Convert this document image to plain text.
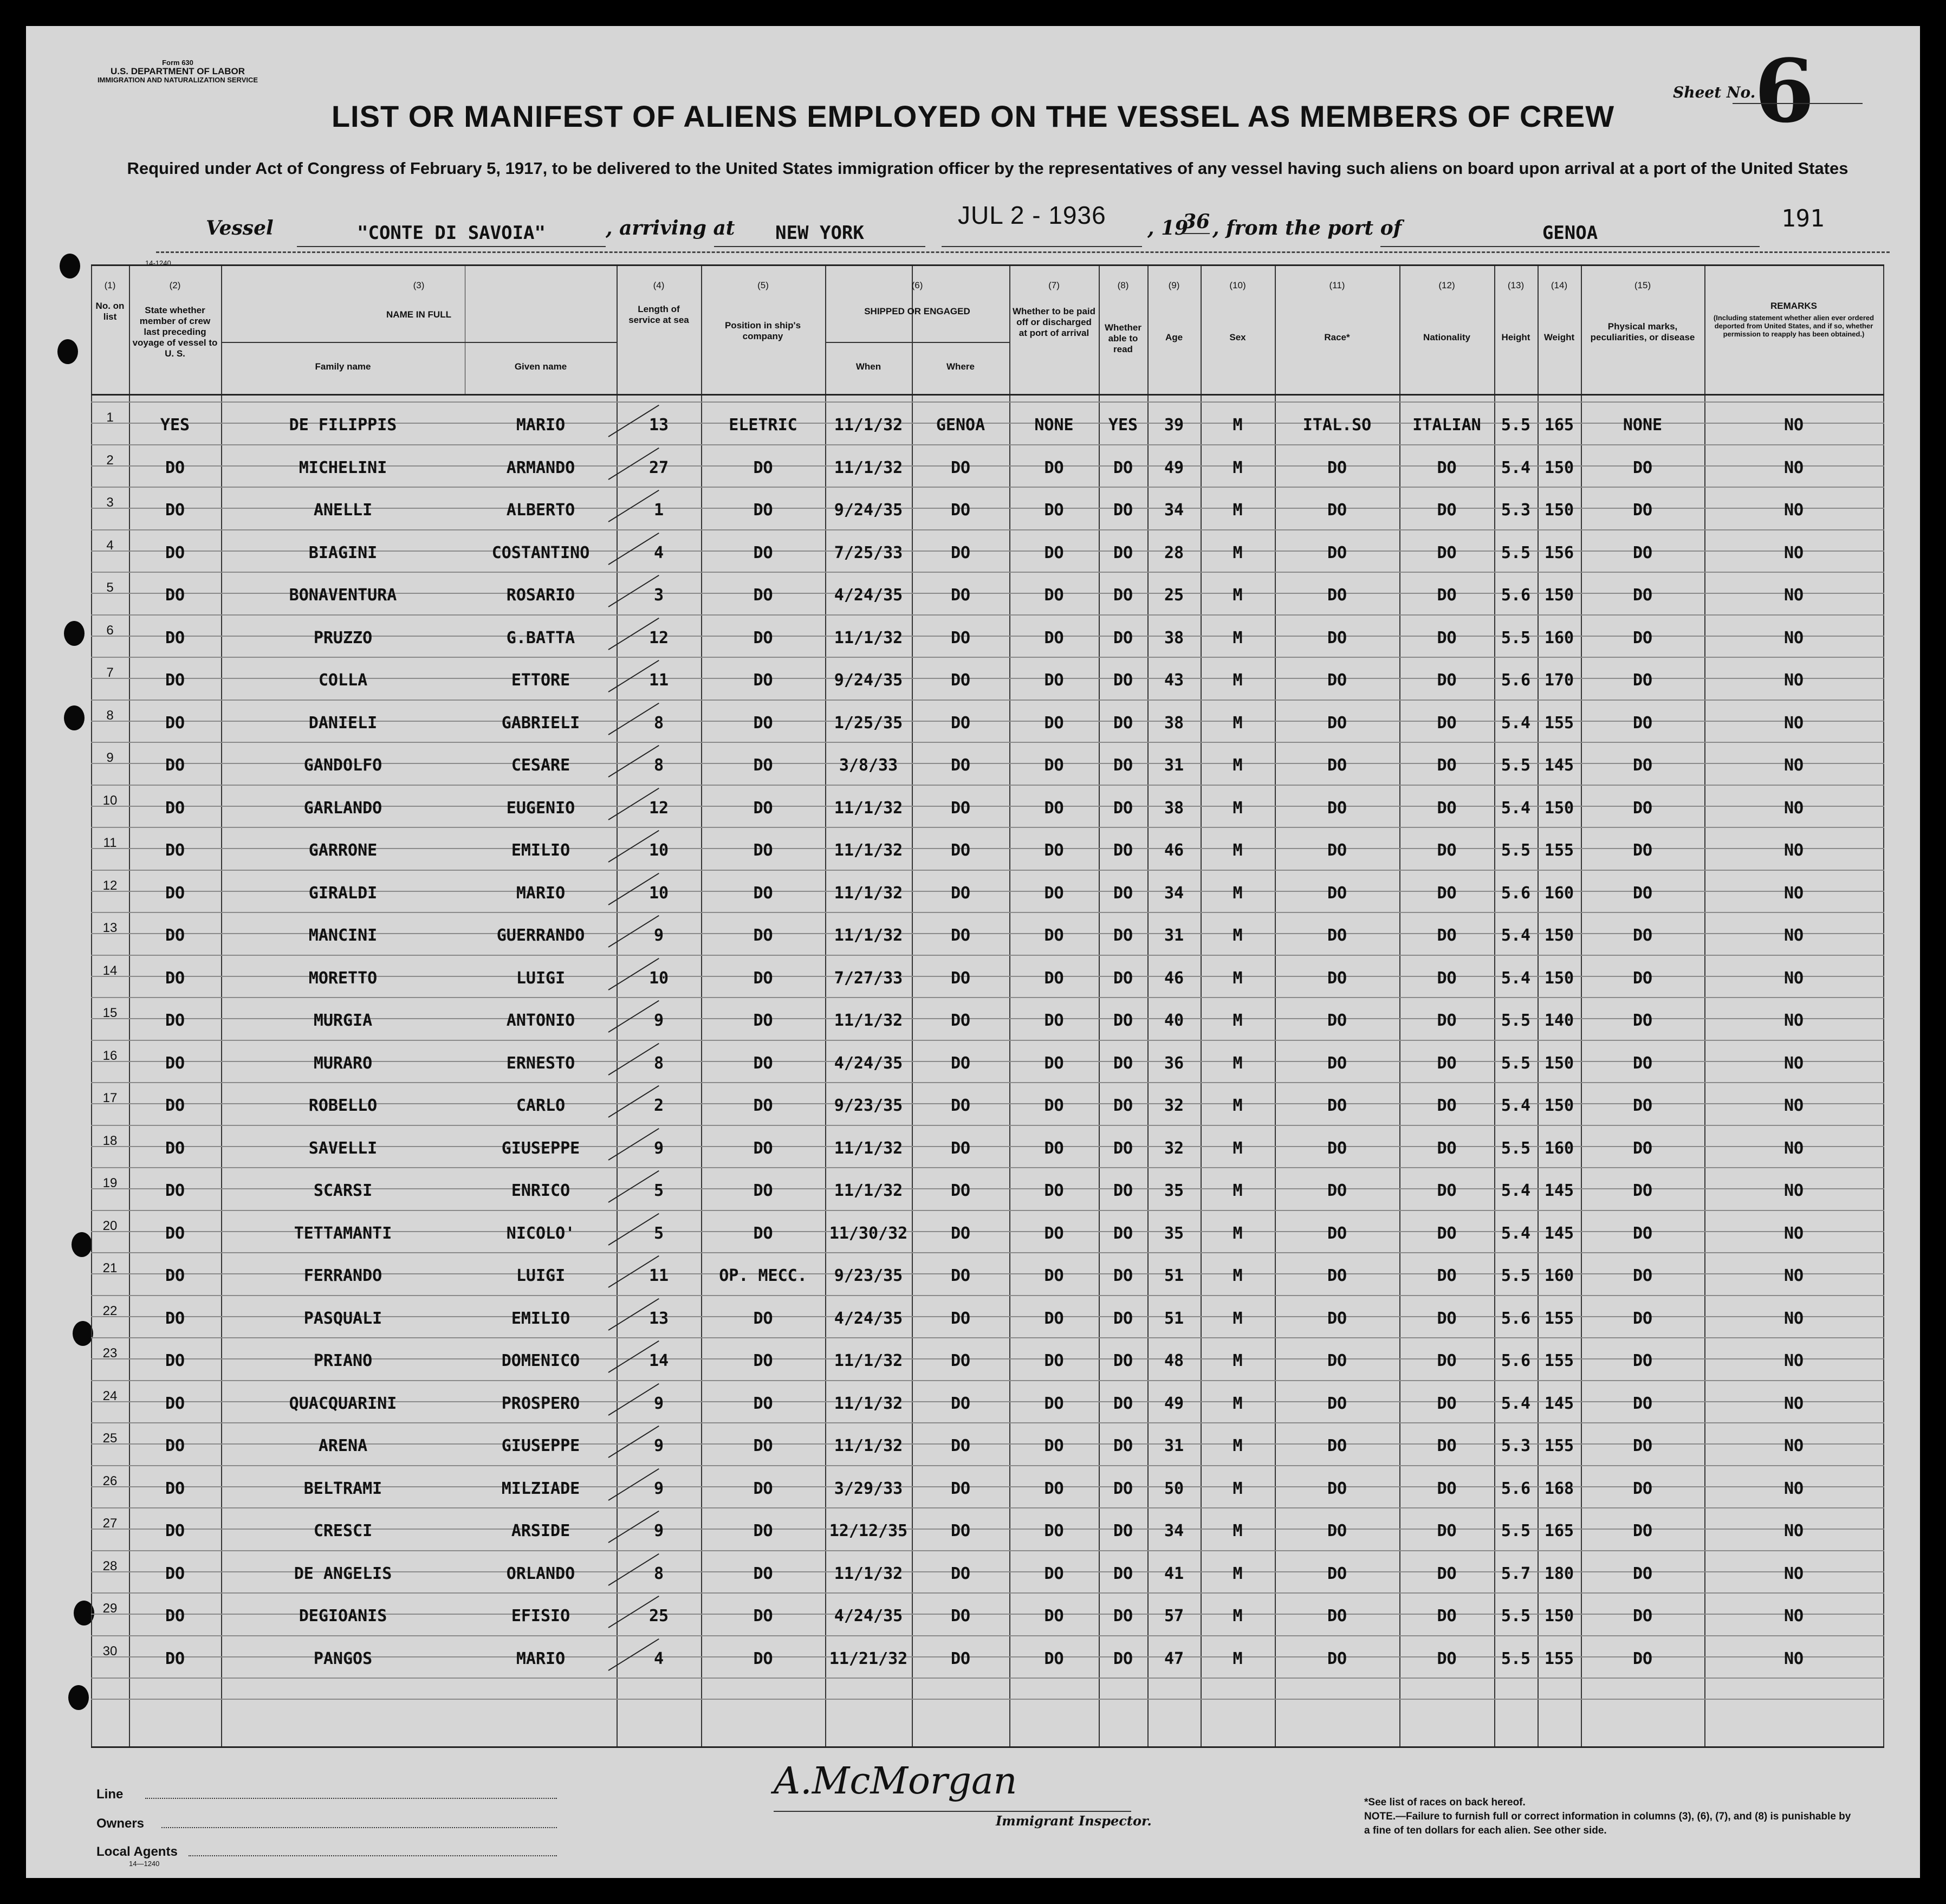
Form 630
U.S. DEPARTMENT OF LABOR
IMMIGRATION AND NATURALIZATION SERVICE
LIST OR MANIFEST OF ALIENS EMPLOYED ON THE VESSEL AS MEMBERS OF CREW
Required under Act of Congress of February 5, 1917, to be delivered to the United States immigration officer by the representatives of any vessel having such aliens on board upon arrival at a port of the United States
Sheet No.
6
191
Vessel	"CONTE DI SAVOIA"	, arriving at	NEW YORK
JUL 2 - 1936 , 19
36 , from the port of	GENOA
14-1240
(1)	(2)	(3)	(4)	(5)	(6)	(7)	(8)	(9)	(10)	(11)	(12)	(13)	(14)	(15)
No. on list
State whether member of crew last preceding voyage of vessel to U. S.
NAME IN FULL
Family name	Given name
Length of service at sea
Position in ship's company
SHIPPED OR ENGAGED
When	Where
Whether to be paid off or discharged at port of arrival
Whether able to read
Age	Sex	Race*	Nationality	Height	Weight
Physical marks, peculiarities, or disease
REMARKS
(Including statement whether alien ever ordered deported from United States, and if so, whether permission to reapply has been obtained.)
1	YES	DE FILIPPIS	MARIO	13	ELETRIC	11/1/32	GENOA	NONE	YES	39	M	ITAL.SO	ITALIAN	5.5 165	NONE	NO
2	DO	MICHELINI	ARMANDO	27	DO	11/1/32	DO	DO	DO	49	M	DO	DO	5.4 150	DO	NO
3	DO	ANELLI	ALBERTO	1	DO	9/24/35	DO	DO	DO	34	M	DO	DO	5.3 150	DO	NO
4	DO	BIAGINI	COSTANTINO	4	DO	7/25/33	DO	DO	DO	28	M	DO	DO	5.5 156	DO	NO
5	DO	BONAVENTURA	ROSARIO	3	DO	4/24/35	DO	DO	DO	25	M	DO	DO	5.6 150	DO	NO
6	DO	PRUZZO	G.BATTA	12	DO	11/1/32	DO	DO	DO	38	M	DO	DO	5.5 160	DO	NO
7	DO	COLLA	ETTORE	11	DO	9/24/35	DO	DO	DO	43	M	DO	DO	5.6 170	DO	NO
8	DO	DANIELI	GABRIELI	8	DO	1/25/35	DO	DO	DO	38	M	DO	DO	5.4 155	DO	NO
9	DO	GANDOLFO	CESARE	8	DO	3/8/33	DO	DO	DO	31	M	DO	DO	5.5 145	DO	NO
10	DO	GARLANDO	EUGENIO	12	DO	11/1/32	DO	DO	DO	38	M	DO	DO	5.4 150	DO	NO
11	DO	GARRONE	EMILIO	10	DO	11/1/32	DO	DO	DO	46	M	DO	DO	5.5 155	DO	NO
12	DO	GIRALDI	MARIO	10	DO	11/1/32	DO	DO	DO	34	M	DO	DO	5.6 160	DO	NO
13	DO	MANCINI	GUERRANDO	9	DO	11/1/32	DO	DO	DO	31	M	DO	DO	5.4 150	DO	NO
14	DO	MORETTO	LUIGI	10	DO	7/27/33	DO	DO	DO	46	M	DO	DO	5.4 150	DO	NO
15	DO	MURGIA	ANTONIO	9	DO	11/1/32	DO	DO	DO	40	M	DO	DO	5.5 140	DO	NO
16	DO	MURARO	ERNESTO	8	DO	4/24/35	DO	DO	DO	36	M	DO	DO	5.5 150	DO	NO
17	DO	ROBELLO	CARLO	2	DO	9/23/35	DO	DO	DO	32	M	DO	DO	5.4 150	DO	NO
18	DO	SAVELLI	GIUSEPPE	9	DO	11/1/32	DO	DO	DO	32	M	DO	DO	5.5 160	DO	NO
19	DO	SCARSI	ENRICO	5	DO	11/1/32	DO	DO	DO	35	M	DO	DO	5.4 145	DO	NO
20	DO	TETTAMANTI	NICOLO'	5	DO	11/30/32	DO	DO	DO	35	M	DO	DO	5.4 145	DO	NO
21	DO	FERRANDO	LUIGI	11	OP. MECC.	9/23/35	DO	DO	DO	51	M	DO	DO	5.5 160	DO	NO
22	DO	PASQUALI	EMILIO	13	DO	4/24/35	DO	DO	DO	51	M	DO	DO	5.6 155	DO	NO
23	DO	PRIANO	DOMENICO	14	DO	11/1/32	DO	DO	DO	48	M	DO	DO	5.6 155	DO	NO
24	DO	QUACQUARINI	PROSPERO	9	DO	11/1/32	DO	DO	DO	49	M	DO	DO	5.4 145	DO	NO
25	DO	ARENA	GIUSEPPE	9	DO	11/1/32	DO	DO	DO	31	M	DO	DO	5.3 155	DO	NO
26	DO	BELTRAMI	MILZIADE	9	DO	3/29/33	DO	DO	DO	50	M	DO	DO	5.6 168	DO	NO
27	DO	CRESCI	ARSIDE	9	DO	12/12/35	DO	DO	DO	34	M	DO	DO	5.5 165	DO	NO
28	DO	DE ANGELIS	ORLANDO	8	DO	11/1/32	DO	DO	DO	41	M	DO	DO	5.7 180	DO	NO
29	DO	DEGIOANIS	EFISIO	25	DO	4/24/35	DO	DO	DO	57	M	DO	DO	5.5 150	DO	NO
30	DO	PANGOS	MARIO	4	DO	11/21/32	DO	DO	DO	47	M	DO	DO	5.5 155	DO	NO
Line
Owners
Local Agents
14—1240
A.McMorgan
Immigrant Inspector.
*See list of races on back hereof.
NOTE.—Failure to furnish full or correct information in columns (3), (6), (7), and (8) is punishable by a fine of ten dollars for each alien. See other side.
